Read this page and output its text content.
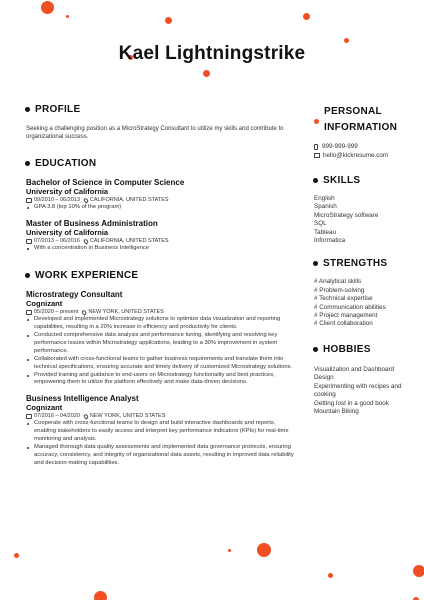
Kael Lightningstrike
PROFILE
Seeking a challenging position as a MicroStrategy Consultant to utilize my skills and contribute to organizational success.
EDUCATION
Bachelor of Science in Computer Science
University of California
09/2010 – 06/2013 CALIFORNIA, UNITED STATES
GPA 3.8 (top 10% of the program)
Master of Business Administration
University of California
07/2013 – 06/2016 CALIFORNIA, UNITED STATES
With a concentration in Business Intelligence
WORK EXPERIENCE
Microstrategy Consultant
Cognizant
05/2020 – present NEW YORK, UNITED STATES
Developed and implemented Microstrategy solutions to optimize data visualization and reporting capabilities, resulting in a 20% increase in efficiency and productivity for clients.
Conducted comprehensive data analysis and performance tuning, identifying and resolving key performance issues within Microstrategy applications, leading to a 30% improvement in system performance.
Collaborated with cross-functional teams to gather business requirements and translate them into technical specifications, ensuring accurate and timely delivery of customized Microstrategy solutions.
Provided training and guidance to end-users on Microstrategy functionality and best practices, empowering them to utilize the platform effectively and make data-driven decisions.
Business Intelligence Analyst
Cognizant
07/2016 – 04/2020 NEW YORK, UNITED STATES
Cooperate with cross-functional teams to design and build interactive dashboards and reports, enabling stakeholders to easily access and interpret key performance indicators (KPIs) for real-time monitoring and analysis.
Managed thorough data quality assessments and implemented data governance protocols, ensuring accuracy, consistency, and integrity of organizational data assets, resulting in improved data reliability and decision-making capabilities.
PERSONAL
INFORMATION
999-999-999
hello@kickresume.com
SKILLS
English
Spanish
MicroStrategy software
SQL
Tableau
Informatica
STRENGTHS
# Analytical skills
# Problem-solving
# Technical expertise
# Communication abilities
# Project management
# Client collaboration
HOBBIES
Visualization and Dashboard Design
Experimenting with recipes and cooking
Getting lost in a good book
Mountain Biking
